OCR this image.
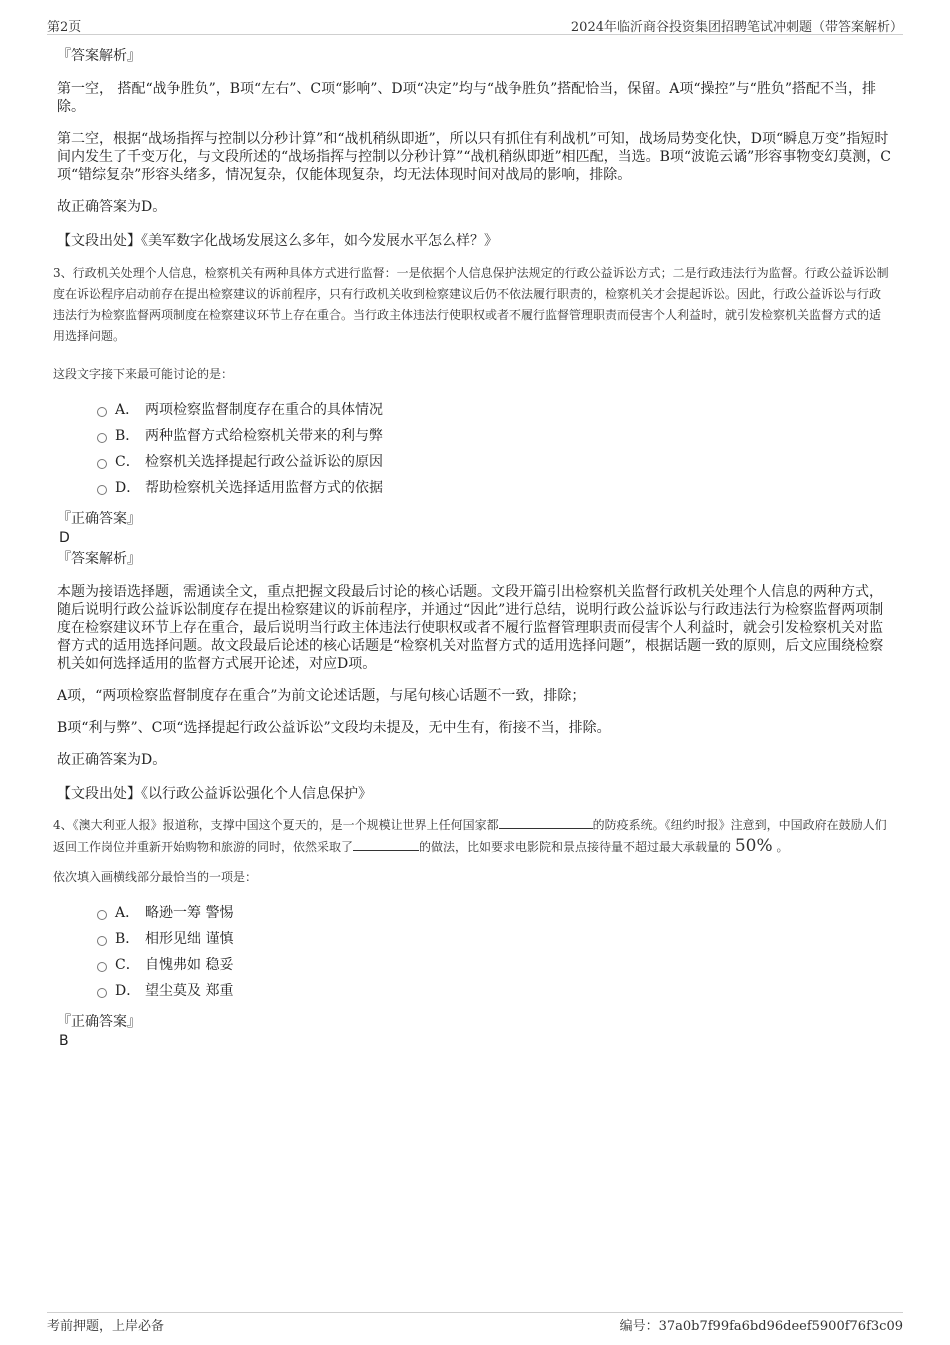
第2页	2024年临沂商谷投资集团招聘笔试冲刺题（带答案解析）

『答案解析』

第一空， 搭配“战争胜负”，B项“左右”、C项“影响”、D项“决定”均与“战争胜负”搭配恰当，保留。A项“操控”与“胜负”搭配不当，排除。

第二空，根据“战场指挥与控制以分秒计算”和“战机稍纵即逝”，所以只有抓住有利战机”可知，战场局势变化快，D项“瞬息万变”指短时间内发生了千变万化，与文段所述的“战场指挥与控制以分秒计算”“战机稍纵即逝”相匹配，当选。B项“波诡云谲”形容事物变幻莫测，C项“错综复杂”形容头绪多，情况复杂，仅能体现复杂，均无法体现时间对战局的影响，排除。

故正确答案为D。

【文段出处】《美军数字化战场发展这么多年，如今发展水平怎么样？》

3、行政机关处理个人信息，检察机关有两种具体方式进行监督：一是依据个人信息保护法规定的行政公益诉讼方式；二是行政违法行为监督。行政公益诉讼制度在诉讼程序启动前存在提出检察建议的诉前程序，只有行政机关收到检察建议后仍不依法履行职责的，检察机关才会提起诉讼。因此，行政公益诉讼与行政违法行为检察监督两项制度在检察建议环节上存在重合。当行政主体违法行使职权或者不履行监督管理职责而侵害个人利益时，就引发检察机关监督方式的适用选择问题。

这段文字接下来最可能讨论的是：

A． 两项检察监督制度存在重合的具体情况
B． 两种监督方式给检察机关带来的利与弊
C． 检察机关选择提起行政公益诉讼的原因
D． 帮助检察机关选择适用监督方式的依据

『正确答案』

D

『答案解析』

本题为接语选择题，需通读全文，重点把握文段最后讨论的核心话题。文段开篇引出检察机关监督行政机关处理个人信息的两种方式，随后说明行政公益诉讼制度存在提出检察建议的诉前程序，并通过“因此”进行总结，说明行政公益诉讼与行政违法行为检察监督两项制度在检察建议环节上存在重合，最后说明当行政主体违法行使职权或者不履行监督管理职责而侵害个人利益时，就会引发检察机关对监督方式的适用选择问题。故文段最后论述的核心话题是“检察机关对监督方式的适用选择问题”，根据话题一致的原则，后文应围绕检察机关如何选择适用的监督方式展开论述，对应D项。

A项，“两项检察监督制度存在重合”为前文论述话题，与尾句核心话题不一致，排除；

B项“利与弊”、C项“选择提起行政公益诉讼”文段均未提及，无中生有，衔接不当，排除。

故正确答案为D。

【文段出处】《以行政公益诉讼强化个人信息保护》

4、《澳大利亚人报》报道称，支撑中国这个夏天的，是一个规模让世界上任何国家都	的防疫系统。《纽约时报》注意到，中国政府在鼓励人们返回工作岗位并重新开始购物和旅游的同时，依然采取了	的做法，比如要求电影院和景点接待量不超过最大承载量的 50% 。

依次填入画横线部分最恰当的一项是：

A． 略逊一筹 警惕
B． 相形见绌 谨慎
C． 自愧弗如 稳妥
D． 望尘莫及 郑重

『正确答案』

B

考前押题，上岸必备	编号：37a0b7f99fa6bd96deef5900f76f3c09
